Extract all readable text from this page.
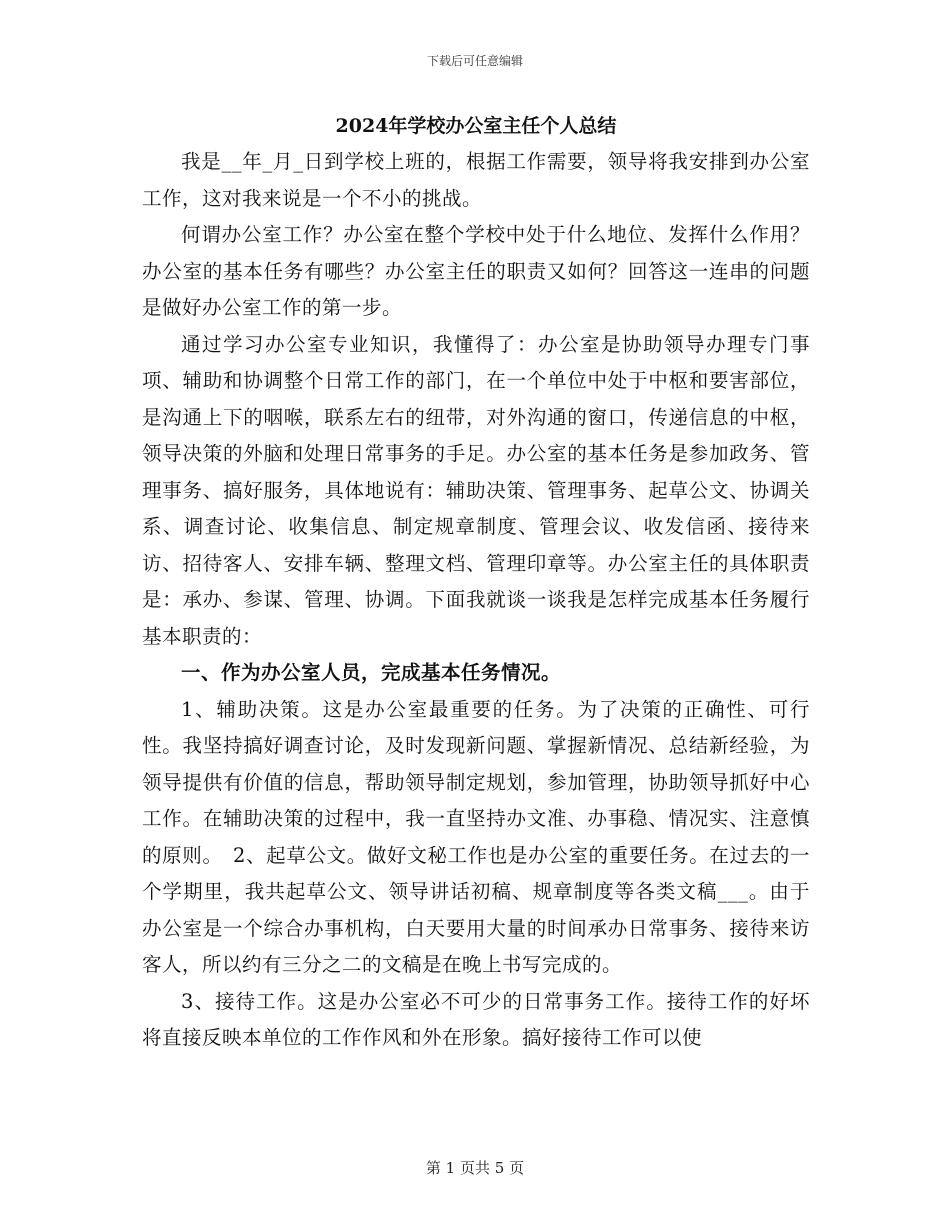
下载后可任意编辑

2024年学校办公室主任个人总结

我是__年_月_日到学校上班的，根据工作需要，领导将我安排到办公室工作，这对我来说是一个不小的挑战。

何谓办公室工作？办公室在整个学校中处于什么地位、发挥什么作用？办公室的基本任务有哪些？办公室主任的职责又如何？回答这一连串的问题是做好办公室工作的第一步。

通过学习办公室专业知识，我懂得了：办公室是协助领导办理专门事项、辅助和协调整个日常工作的部门，在一个单位中处于中枢和要害部位，是沟通上下的咽喉，联系左右的纽带，对外沟通的窗口，传递信息的中枢，领导决策的外脑和处理日常事务的手足。办公室的基本任务是参加政务、管理事务、搞好服务，具体地说有：辅助决策、管理事务、起草公文、协调关系、调查讨论、收集信息、制定规章制度、管理会议、收发信函、接待来访、招待客人、安排车辆、整理文档、管理印章等。办公室主任的具体职责是：承办、参谋、管理、协调。下面我就谈一谈我是怎样完成基本任务履行基本职责的：

一、作为办公室人员，完成基本任务情况。

1、辅助决策。这是办公室最重要的任务。为了决策的正确性、可行性。我坚持搞好调查讨论，及时发现新问题、掌握新情况、总结新经验，为领导提供有价值的信息，帮助领导制定规划，参加管理，协助领导抓好中心工作。在辅助决策的过程中，我一直坚持办文准、办事稳、情况实、注意慎的原则。　2、起草公文。做好文秘工作也是办公室的重要任务。在过去的一个学期里，我共起草公文、领导讲话初稿、规章制度等各类文稿___。由于办公室是一个综合办事机构，白天要用大量的时间承办日常事务、接待来访客人，所以约有三分之二的文稿是在晚上书写完成的。

3、接待工作。这是办公室必不可少的日常事务工作。接待工作的好坏将直接反映本单位的工作作风和外在形象。搞好接待工作可以使

第 1 页共 5 页
